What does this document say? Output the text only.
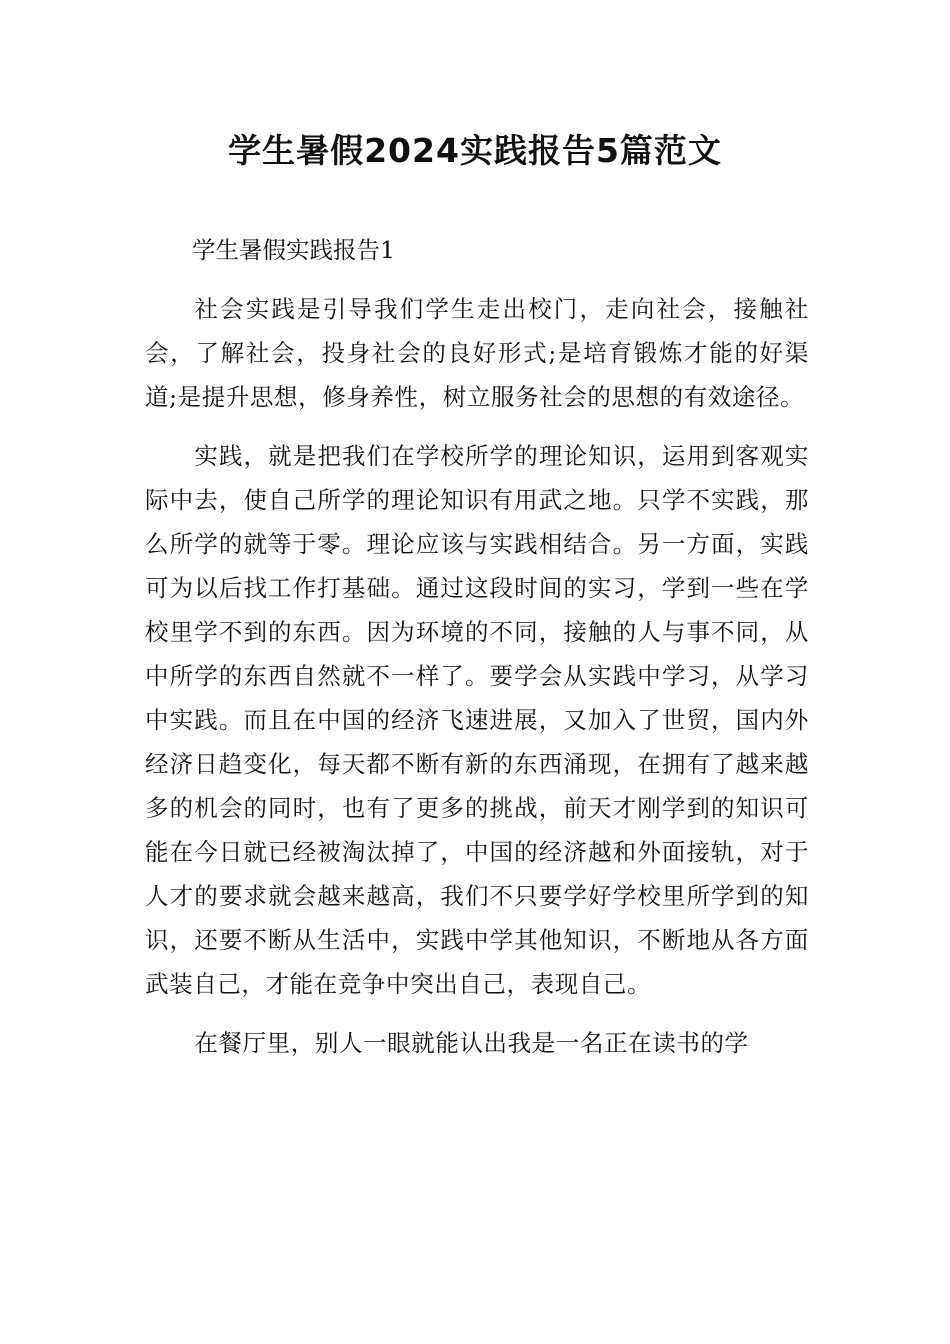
学生暑假2024实践报告5篇范文

学生暑假实践报告1

社会实践是引导我们学生走出校门，走向社会，接触社会，了解社会，投身社会的良好形式;是培育锻炼才能的好渠道;是提升思想，修身养性，树立服务社会的思想的有效途径。

实践，就是把我们在学校所学的理论知识，运用到客观实际中去，使自己所学的理论知识有用武之地。只学不实践，那么所学的就等于零。理论应该与实践相结合。另一方面，实践可为以后找工作打基础。通过这段时间的实习，学到一些在学校里学不到的东西。因为环境的不同，接触的人与事不同，从中所学的东西自然就不一样了。要学会从实践中学习，从学习中实践。而且在中国的经济飞速进展，又加入了世贸，国内外经济日趋变化，每天都不断有新的东西涌现，在拥有了越来越多的机会的同时，也有了更多的挑战，前天才刚学到的知识可能在今日就已经被淘汰掉了，中国的经济越和外面接轨，对于人才的要求就会越来越高，我们不只要学好学校里所学到的知识，还要不断从生活中，实践中学其他知识，不断地从各方面武装自己，才能在竞争中突出自己，表现自己。

在餐厅里，别人一眼就能认出我是一名正在读书的学
